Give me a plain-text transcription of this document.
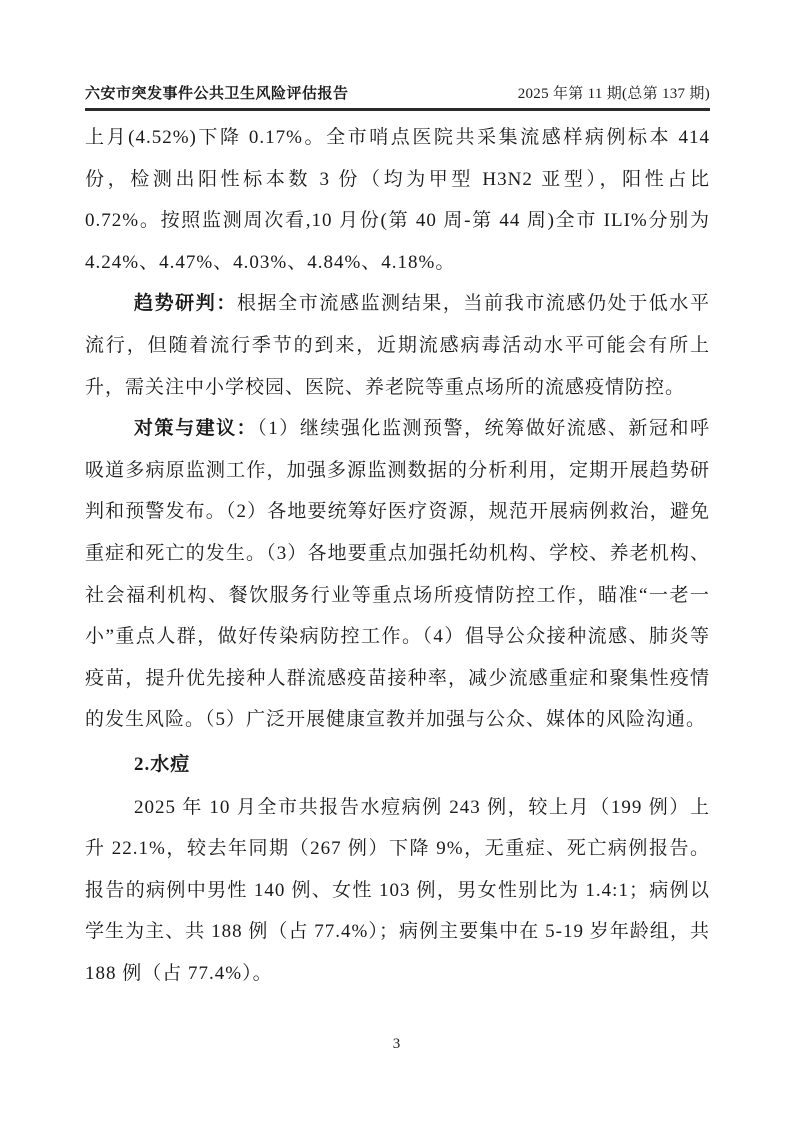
六安市突发事件公共卫生风险评估报告	2025 年第 11 期(总第 137 期)

上月(4.52%)下降 0.17%。全市哨点医院共采集流感样病例标本 414 份，检测出阳性标本数 3 份（均为甲型 H3N2 亚型），阳性占比 0.72%。按照监测周次看,10 月份(第 40 周-第 44 周)全市 ILI%分别为 4.24%、4.47%、4.03%、4.84%、4.18%。

趋势研判：根据全市流感监测结果，当前我市流感仍处于低水平流行，但随着流行季节的到来，近期流感病毒活动水平可能会有所上升，需关注中小学校园、医院、养老院等重点场所的流感疫情防控。

对策与建议：（1）继续强化监测预警，统筹做好流感、新冠和呼吸道多病原监测工作，加强多源监测数据的分析利用，定期开展趋势研判和预警发布。（2）各地要统筹好医疗资源，规范开展病例救治，避免重症和死亡的发生。（3）各地要重点加强托幼机构、学校、养老机构、社会福利机构、餐饮服务行业等重点场所疫情防控工作，瞄准“一老一小”重点人群，做好传染病防控工作。（4）倡导公众接种流感、肺炎等疫苗，提升优先接种人群流感疫苗接种率，减少流感重症和聚集性疫情的发生风险。（5）广泛开展健康宣教并加强与公众、媒体的风险沟通。

2.水痘

2025 年 10 月全市共报告水痘病例 243 例，较上月（199 例）上升 22.1%，较去年同期（267 例）下降 9%，无重症、死亡病例报告。报告的病例中男性 140 例、女性 103 例，男女性别比为 1.4:1；病例以学生为主、共 188 例（占 77.4%）；病例主要集中在 5-19 岁年龄组，共 188 例（占 77.4%）。

3
